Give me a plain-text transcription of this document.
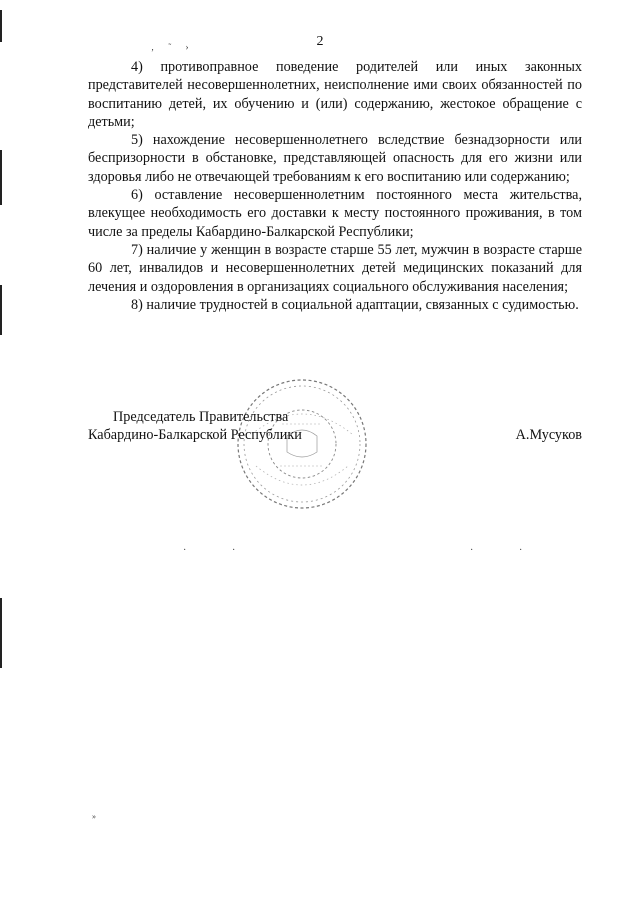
2
‚ ˜ ›

4) противоправное поведение родителей или иных законных представителей несовершеннолетних, неисполнение ими своих обязанностей по воспитанию детей, их обучению и (или) содержанию, жестокое обращение с детьми;

5) нахождение несовершеннолетнего вследствие безнадзорности или беспризорности в обстановке, представляющей опасность для его жизни или здоровья либо не отвечающей требованиям к его воспитанию или содержанию;

6) оставление несовершеннолетним постоянного места жительства, влекущее необходимость его доставки к месту постоянного проживания, в том числе за пределы Кабардино-Балкарской Республики;

7) наличие у женщин в возрасте старше 55 лет, мужчин в возрасте старше 60 лет, инвалидов и несовершеннолетних детей медицинских показаний для лечения и оздоровления в организациях социального обслуживания населения;

8) наличие трудностей в социальной адаптации, связанных с судимостью.

Председатель Правительства
Кабардино-Балкарской Республики	А.Мусуков
·	·	·	·
»
